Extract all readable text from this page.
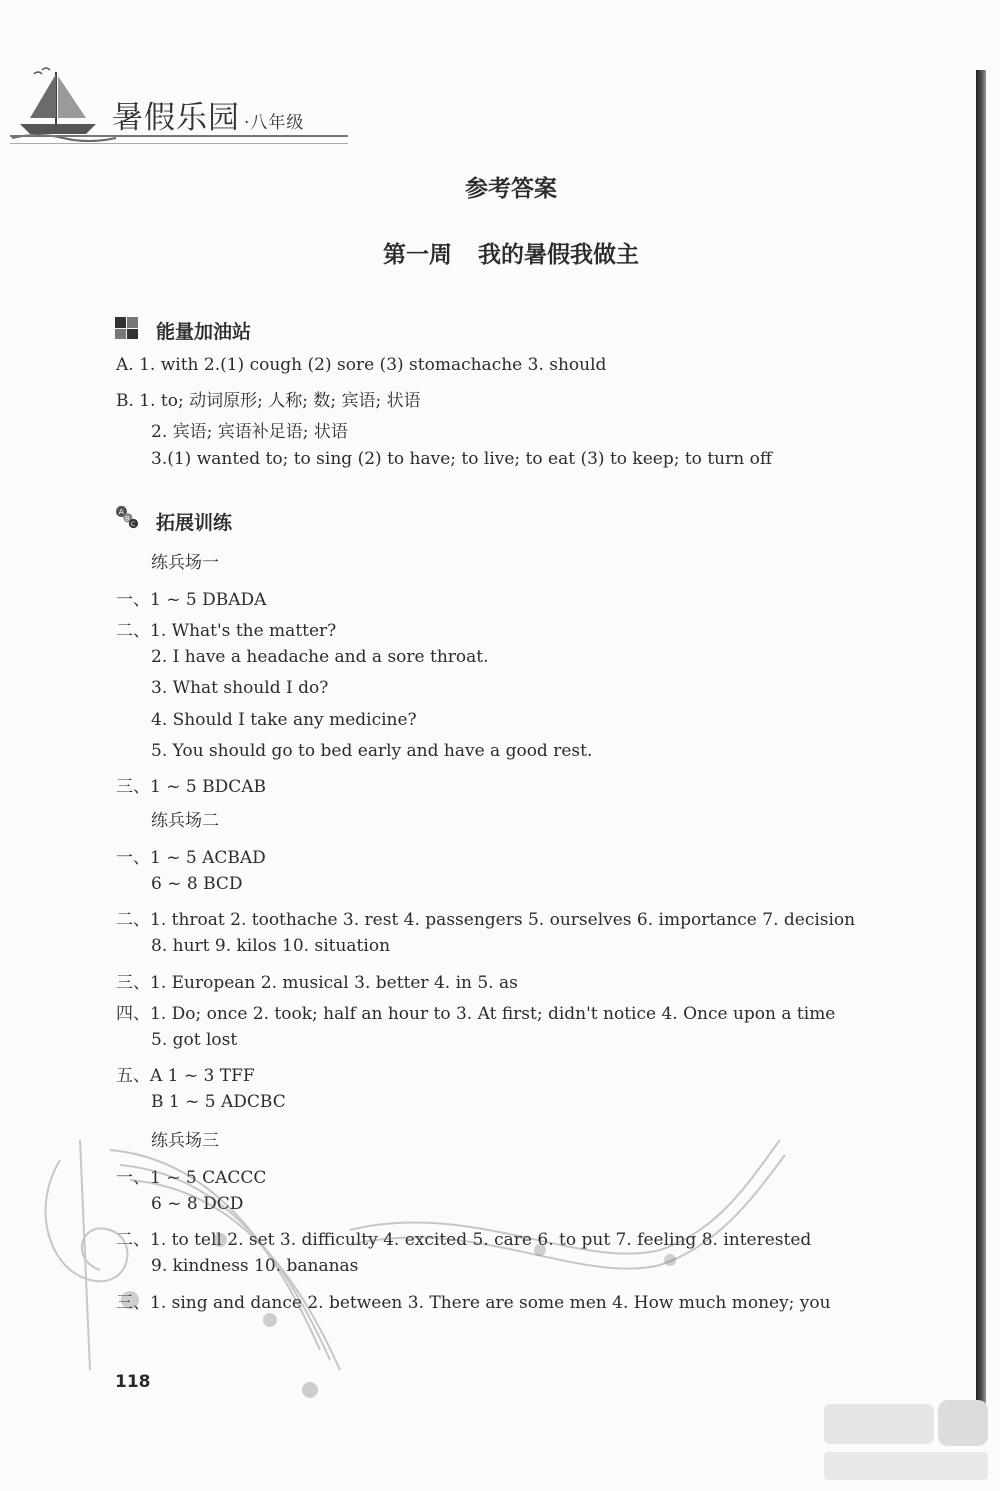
暑假乐园 ·八年级
参考答案
第一周 我的暑假我做主
能量加油站
A. 1. with 2.(1) cough (2) sore (3) stomachache 3. should
B. 1. to; 动词原形; 人称; 数; 宾语; 状语
2. 宾语; 宾语补足语; 状语
3.(1) wanted to; to sing (2) to have; to live; to eat (3) to keep; to turn off
A
B
C 拓展训练
练兵场一
一、1 ~ 5 DBADA
二、1. What's the matter?
2. I have a headache and a sore throat.
3. What should I do?
4. Should I take any medicine?
5. You should go to bed early and have a good rest.
三、1 ~ 5 BDCAB
练兵场二
一、1 ~ 5 ACBAD
6 ~ 8 BCD
二、1. throat 2. toothache 3. rest 4. passengers 5. ourselves 6. importance 7. decision
8. hurt 9. kilos 10. situation
三、1. European 2. musical 3. better 4. in 5. as
四、1. Do; once 2. took; half an hour to 3. At first; didn't notice 4. Once upon a time
5. got lost
五、A 1 ~ 3 TFF
B 1 ~ 5 ADCBC
练兵场三
一、1 ~ 5 CACCC
6 ~ 8 DCD
二、1. to tell 2. set 3. difficulty 4. excited 5. care 6. to put 7. feeling 8. interested
9. kindness 10. bananas
三、1. sing and dance 2. between 3. There are some men 4. How much money; you
118
